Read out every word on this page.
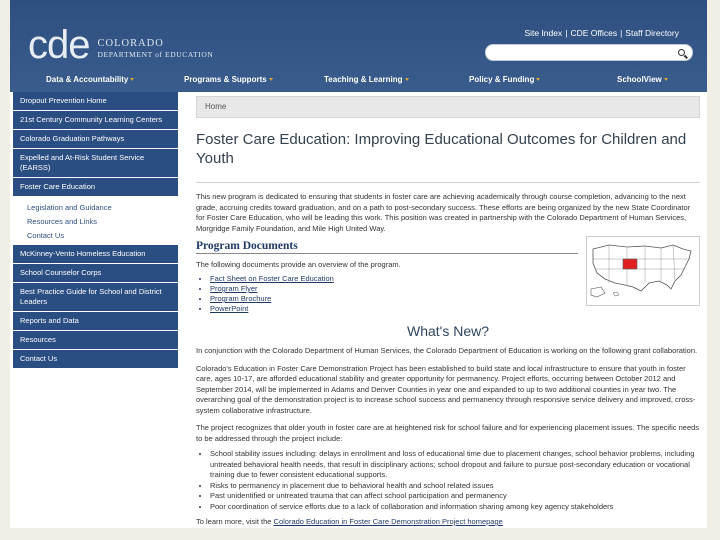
cde COLORADO
DEPARTMENT of EDUCATION
Site Index | CDE Offices | Staff Directory
Data & Accountability	Programs & Supports	Teaching & Learning	Policy & Funding	SchoolView
Dropout Prevention Home
21st Century Community Learning Centers
Colorado Graduation Pathways
Expelled and At-Risk Student Service (EARSS)
Foster Care Education
Legislation and Guidance
Resources and Links
Contact Us
McKinney-Vento Homeless Education
School Counselor Corps
Best Practice Guide for School and District Leaders
Reports and Data
Resources
Contact Us
Home
Foster Care Education: Improving Educational Outcomes for Children and Youth
This new program is dedicated to ensuring that students in foster care are achieving academically through course completion, advancing to the next grade, accruing credits toward graduation, and on a path to post-secondary success. These efforts are being organized by the new State Coordinator for Foster Care Education, who will be leading this work. This position was created in partnership with the Colorado Department of Human Services, Morgridge Family Foundation, and Mile High United Way.
Program Documents
The following documents provide an overview of the program.
• Fact Sheet on Foster Care Education
• Program Flyer
• Program Brochure
• PowerPoint
What's New?
In conjunction with the Colorado Department of Human Services, the Colorado Department of Education is working on the following grant collaboration.
Colorado's Education in Foster Care Demonstration Project has been established to build state and local infrastructure to ensure that youth in foster care, ages 10-17, are afforded educational stability and greater opportunity for permanency. Project efforts, occurring between October 2012 and September 2014, will be implemented in Adams and Denver Counties in year one and expanded to up to two additional counties in year two. The overarching goal of the demonstration project is to increase school success and permanency through responsive service delivery and improved, cross-system collaborative infrastructure.
The project recognizes that older youth in foster care are at heightened risk for school failure and for experiencing placement issues. The specific needs to be addressed through the project include:
• School stability issues including: delays in enrollment and loss of educational time due to placement changes, school behavior problems, including untreated behavioral health needs, that result in disciplinary actions; school dropout and failure to pursue post-secondary education or vocational training due to fewer consistent educational supports.
• Risks to permanency in placement due to behavioral health and school related issues
• Past unidentified or untreated trauma that can affect school participation and permanency
• Poor coordination of service efforts due to a lack of collaboration and information sharing among key agency stakeholders
To learn more, visit the Colorado Education in Foster Care Demonstration Project homepage
